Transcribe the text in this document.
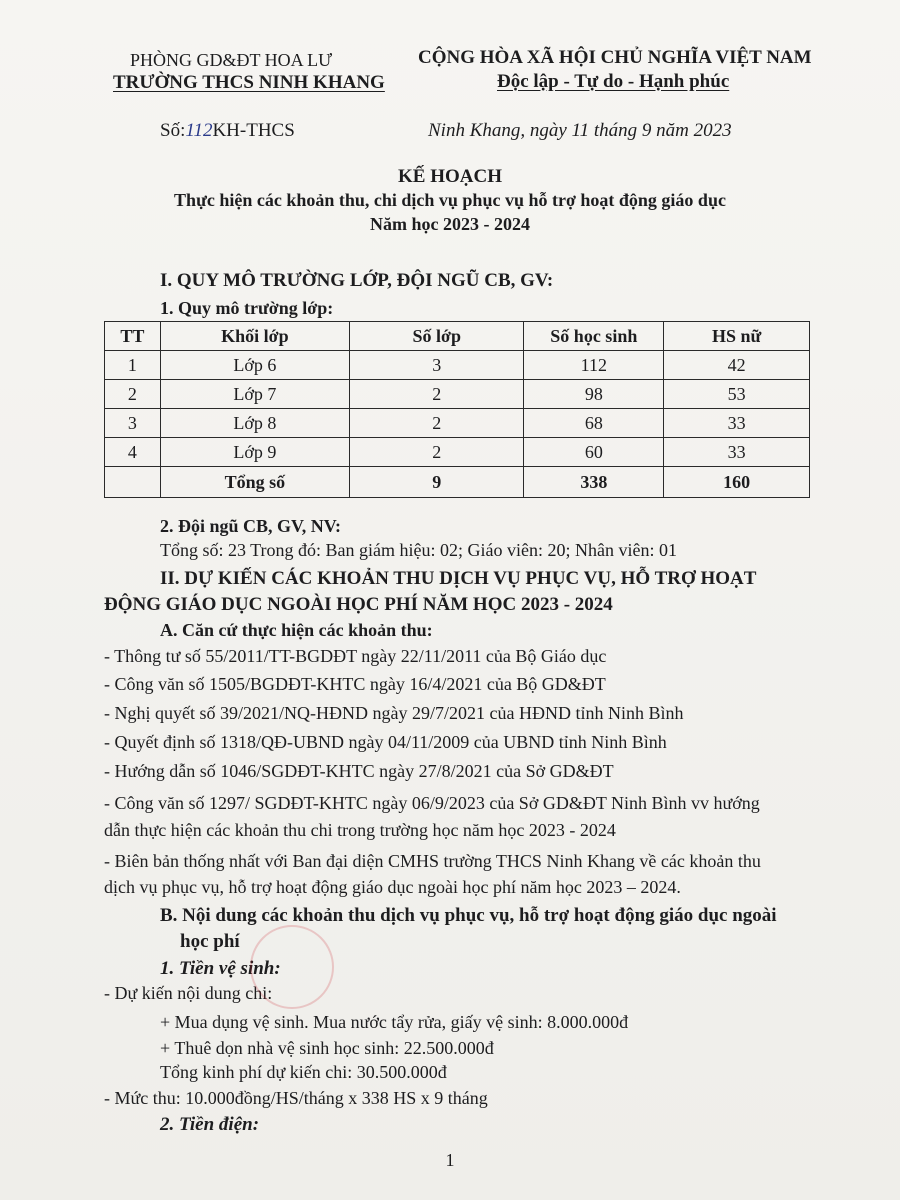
PHÒNG GD&ĐT HOA LƯ
TRƯỜNG THCS NINH KHANG
CỘNG HÒA XÃ HỘI CHỦ NGHĨA VIỆT NAM
Độc lập - Tự do - Hạnh phúc
Số:112KH-THCS	Ninh Khang, ngày 11 tháng 9 năm 2023
KẾ HOẠCH
Thực hiện các khoản thu, chi dịch vụ phục vụ hỗ trợ hoạt động giáo dục
Năm học 2023 - 2024
I. QUY MÔ TRƯỜNG LỚP, ĐỘI NGŨ CB, GV:
1. Quy mô trường lớp:
TT	Khối lớp	Số lớp	Số học sinh	HS nữ
1	Lớp 6	3	112	42
2	Lớp 7	2	98	53
3	Lớp 8	2	68	33
4	Lớp 9	2	60	33
	Tổng số	9	338	160
2. Đội ngũ CB, GV, NV:
Tổng số: 23 Trong đó: Ban giám hiệu: 02; Giáo viên: 20; Nhân viên: 01
II. DỰ KIẾN CÁC KHOẢN THU DỊCH VỤ PHỤC VỤ, HỖ TRỢ HOẠT
ĐỘNG GIÁO DỤC NGOÀI HỌC PHÍ NĂM HỌC 2023 - 2024
A. Căn cứ thực hiện các khoản thu:
- Thông tư số 55/2011/TT-BGDĐT ngày 22/11/2011 của Bộ Giáo dục
- Công văn số 1505/BGDĐT-KHTC ngày 16/4/2021 của Bộ GD&ĐT
- Nghị quyết số 39/2021/NQ-HĐND ngày 29/7/2021 của HĐND tỉnh Ninh Bình
- Quyết định số 1318/QĐ-UBND ngày 04/11/2009 của UBND tỉnh Ninh Bình
- Hướng dẫn số 1046/SGDĐT-KHTC ngày 27/8/2021 của Sở GD&ĐT
- Công văn số 1297/ SGDĐT-KHTC ngày 06/9/2023 của Sở GD&ĐT Ninh Bình vv hướng
dẫn thực hiện các khoản thu chi trong trường học năm học 2023 - 2024
- Biên bản thống nhất với Ban đại diện CMHS trường THCS Ninh Khang về các khoản thu
dịch vụ phục vụ, hỗ trợ hoạt động giáo dục ngoài học phí năm học 2023 – 2024.
B. Nội dung các khoản thu dịch vụ phục vụ, hỗ trợ hoạt động giáo dục ngoài
học phí
1. Tiền vệ sinh:
- Dự kiến nội dung chi:
+ Mua dụng vệ sinh. Mua nước tẩy rửa, giấy vệ sinh: 8.000.000đ
+ Thuê dọn nhà vệ sinh học sinh: 22.500.000đ
Tổng kinh phí dự kiến chi: 30.500.000đ
- Mức thu: 10.000đồng/HS/tháng x 338 HS x 9 tháng
2. Tiền điện:
1
